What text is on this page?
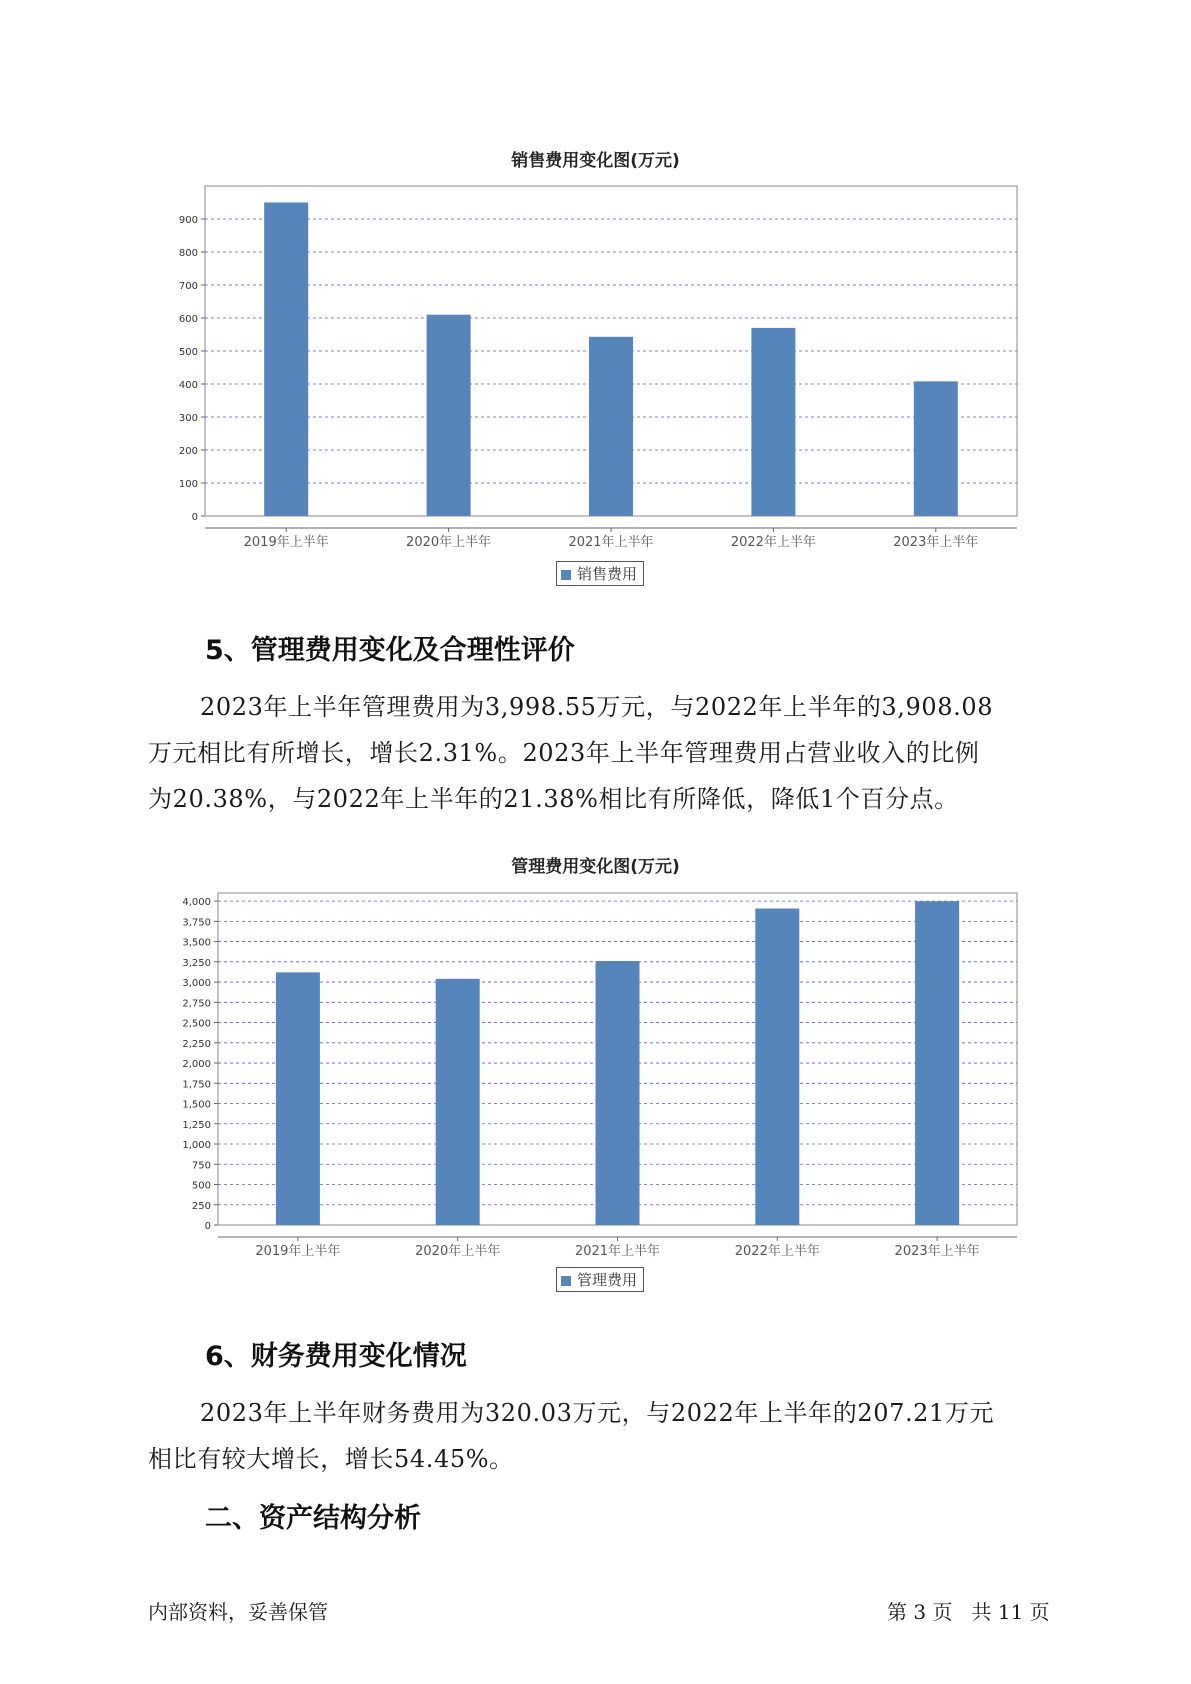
销售费用变化图(万元)
0
100
200
300
400
500
600
700
800
900
2019年上半年	2020年上半年	2021年上半年	2022年上半年	2023年上半年
销售费用
5、管理费用变化及合理性评价
2023年上半年管理费用为3,998.55万元，与2022年上半年的3,908.08
万元相比有所增长，增长2.31%。2023年上半年管理费用占营业收入的比例
为20.38%，与2022年上半年的21.38%相比有所降低，降低1个百分点。
管理费用变化图(万元)
0
250
500
750
1,000
1,250
1,500
1,750
2,000
2,250
2,500
2,750
3,000
3,250
3,500
3,750
4,000
2019年上半年	2020年上半年	2021年上半年	2022年上半年	2023年上半年
管理费用
6、财务费用变化情况
2023年上半年财务费用为320.03万元，与2022年上半年的207.21万元
相比有较大增长，增长54.45%。
二、资产结构分析
内部资料，妥善保管	第 3 页   共 11 页
